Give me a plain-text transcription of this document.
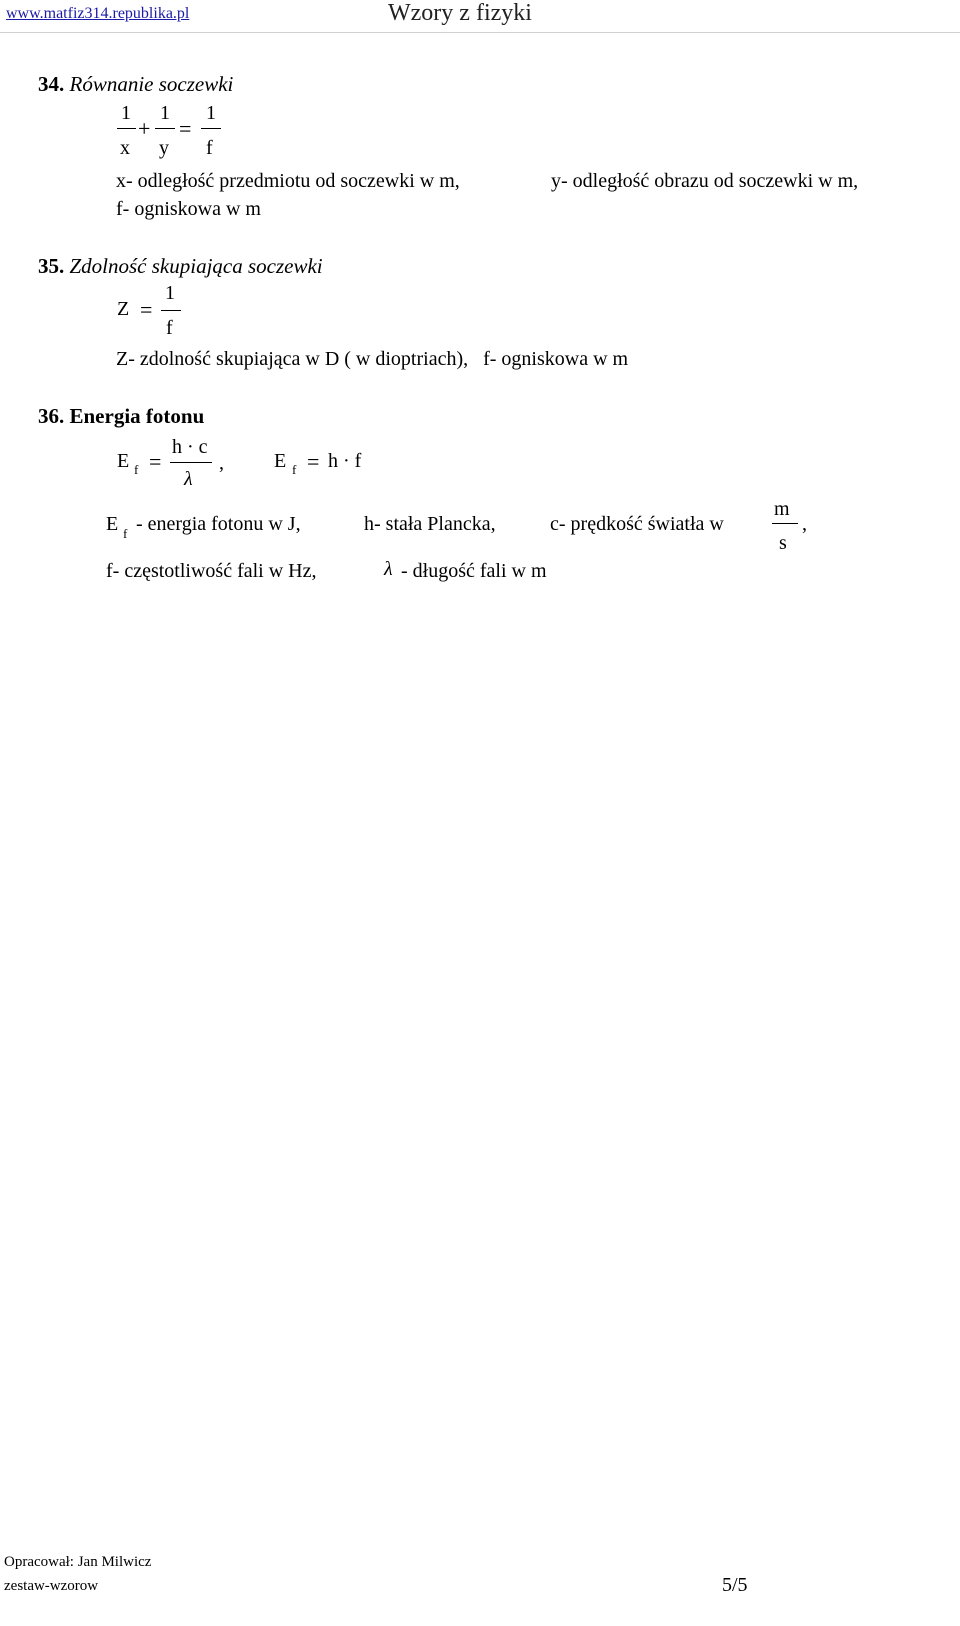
www.matfiz314.republika.pl	Wzory z fizyki
34. Równanie soczewki
1
x
+
1
y
=
1
f
x- odległość przedmiotu od soczewki w m,	y- odległość obrazu od soczewki w m,
f- ogniskowa w m
35. Zdolność skupiająca soczewki
Z =
1
f
Z- zdolność skupiająca w D ( w dioptriach),   f- ogniskowa w m
36. Energia fotonu
E f =
h · c
λ
,	E f = h · f
E f - energia fotonu w J,	h- stała Plancka,	c- prędkość światła w
m
s
,
f- częstotliwość fali w Hz,	λ - długość fali w m
Opracował: Jan Milwicz
zestaw-wzorow	5/5
